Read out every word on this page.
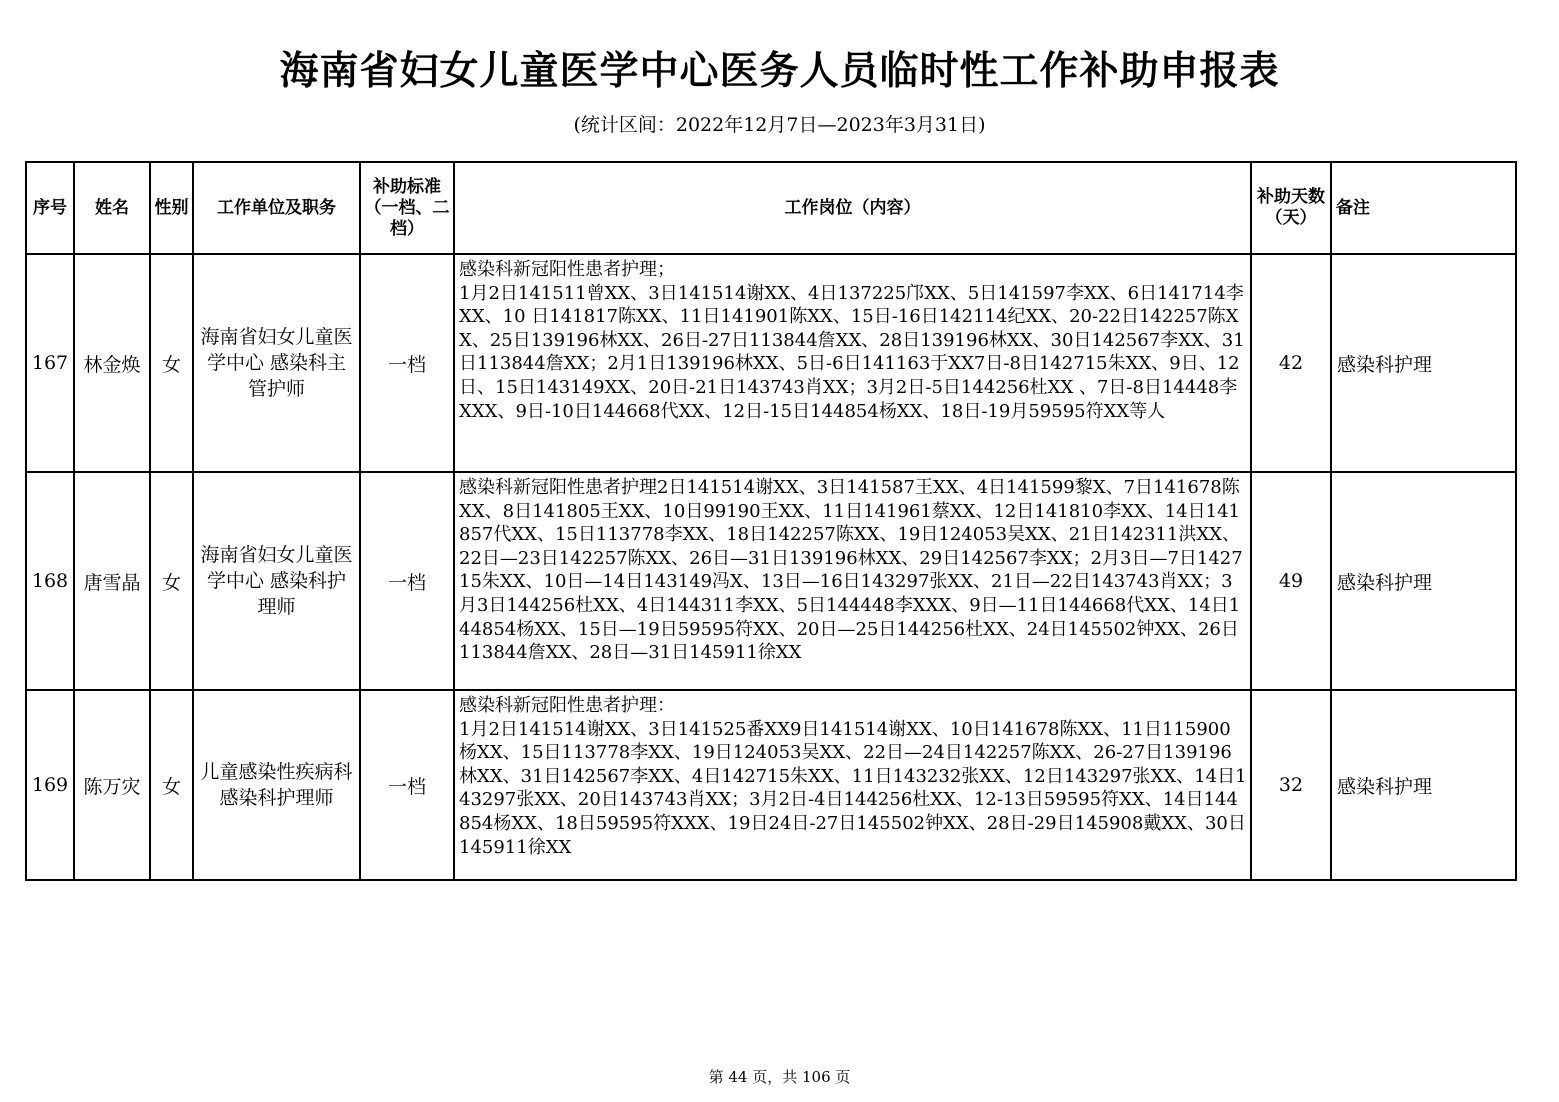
海南省妇女儿童医学中心医务人员临时性工作补助申报表
(统计区间：2022年12月7日—2023年3月31日)
序号	姓名	性别	工作单位及职务	补助标准（一档、二档）	工作岗位（内容）	补助天数（天）	备注
167	林金焕	女	海南省妇女儿童医学中心 感染科主管护师	一档	感染科新冠阳性患者护理；
1月2日141511曾XX、3日141514谢XX、4日137225邝XX、5日141597李XX、6日141714李XX、10 日141817陈XX、11日141901陈XX、15日-16日142114纪XX、20-22日142257陈XX、25日139196林XX、26日-27日113844詹XX、28日139196林XX、30日142567李XX、31日113844詹XX；2月1日139196林XX、5日-6日141163于XX7日-8日142715朱XX、9日、12日、15日143149XX、20日-21日143743肖XX；3月2日-5日144256杜XX 、7日-8日14448李XXX、9日-10日144668代XX、12日-15日144854杨XX、18日-19月59595符XX等人	42	感染科护理
168	唐雪晶	女	海南省妇女儿童医学中心 感染科护理师	一档	感染科新冠阳性患者护理2日141514谢XX、3日141587王XX、4日141599黎X、7日141678陈XX、8日141805王XX、10日99190王XX、11日141961蔡XX、12日141810李XX、14日141857代XX、15日113778李XX、18日142257陈XX、19日124053吴XX、21日142311洪XX、22日—23日142257陈XX、26日—31日139196林XX、29日142567李XX；2月3日—7日142715朱XX、10日—14日143149冯X、13日—16日143297张XX、21日—22日143743肖XX；3月3日144256杜XX、4日144311李XX、5日144448李XXX、9日—11日144668代XX、14日144854杨XX、15日—19日59595符XX、20日—25日144256杜XX、24日145502钟XX、26日113844詹XX、28日—31日145911徐XX	49	感染科护理
169	陈万灾	女	儿童感染性疾病科 感染科护理师	一档	感染科新冠阳性患者护理：
1月2日141514谢XX、3日141525番XX9日141514谢XX、10日141678陈XX、11日115900杨XX、15日113778李XX、19日124053吴XX、22日—24日142257陈XX、26-27日139196林XX、31日142567李XX、4日142715朱XX、11日143232张XX、12日143297张XX、14日143297张XX、20日143743肖XX；3月2日-4日144256杜XX、12-13日59595符XX、14日144854杨XX、18日59595符XXX、19日24日-27日145502钟XX、28日-29日145908戴XX、30日145911徐XX	32	感染科护理
第 44 页，共 106 页
